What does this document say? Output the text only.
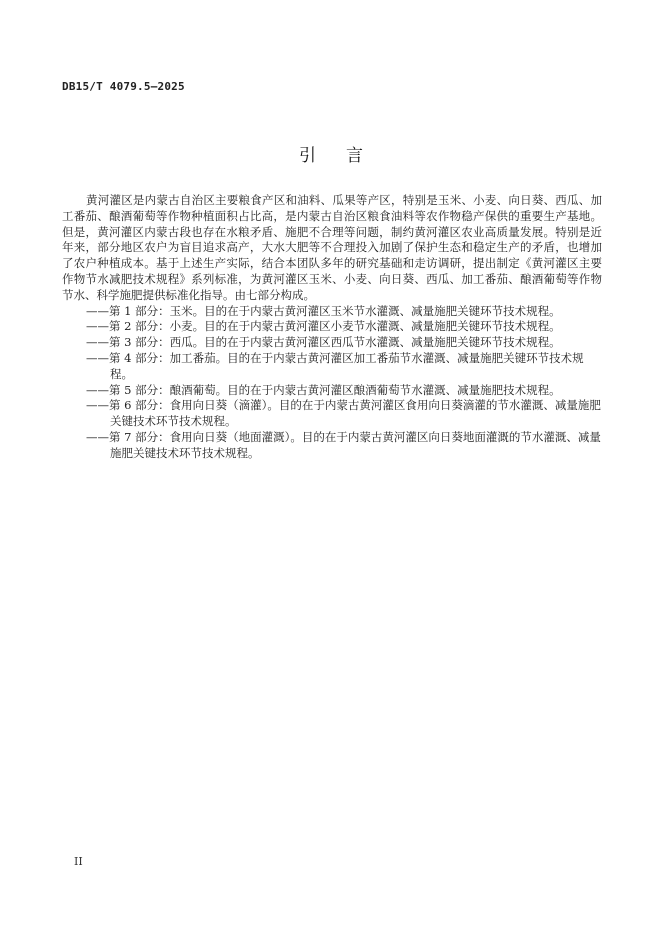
DB15/T 4079.5—2025
引言

黄河灌区是内蒙古自治区主要粮食产区和油料、瓜果等产区，特别是玉米、小麦、向日葵、西瓜、加工番茄、酿酒葡萄等作物种植面积占比高，是内蒙古自治区粮食油料等农作物稳产保供的重要生产基地。但是，黄河灌区内蒙古段也存在水粮矛盾、施肥不合理等问题，制约黄河灌区农业高质量发展。特别是近年来，部分地区农户为盲目追求高产，大水大肥等不合理投入加剧了保护生态和稳定生产的矛盾，也增加了农户种植成本。基于上述生产实际，结合本团队多年的研究基础和走访调研，提出制定《黄河灌区主要作物节水减肥技术规程》系列标准，为黄河灌区玉米、小麦、向日葵、西瓜、加工番茄、酿酒葡萄等作物节水、科学施肥提供标准化指导。由七部分构成。

——第 1 部分：玉米。目的在于内蒙古黄河灌区玉米节水灌溉、减量施肥关键环节技术规程。
——第 2 部分：小麦。目的在于内蒙古黄河灌区小麦节水灌溉、减量施肥关键环节技术规程。
——第 3 部分：西瓜。目的在于内蒙古黄河灌区西瓜节水灌溉、减量施肥关键环节技术规程。
——第 4 部分：加工番茄。目的在于内蒙古黄河灌区加工番茄节水灌溉、减量施肥关键环节技术规程。
——第 5 部分：酿酒葡萄。目的在于内蒙古黄河灌区酿酒葡萄节水灌溉、减量施肥技术规程。
——第 6 部分：食用向日葵（滴灌）。目的在于内蒙古黄河灌区食用向日葵滴灌的节水灌溉、减量施肥关键技术环节技术规程。
——第 7 部分：食用向日葵（地面灌溉）。目的在于内蒙古黄河灌区向日葵地面灌溉的节水灌溉、减量施肥关键技术环节技术规程。
II
